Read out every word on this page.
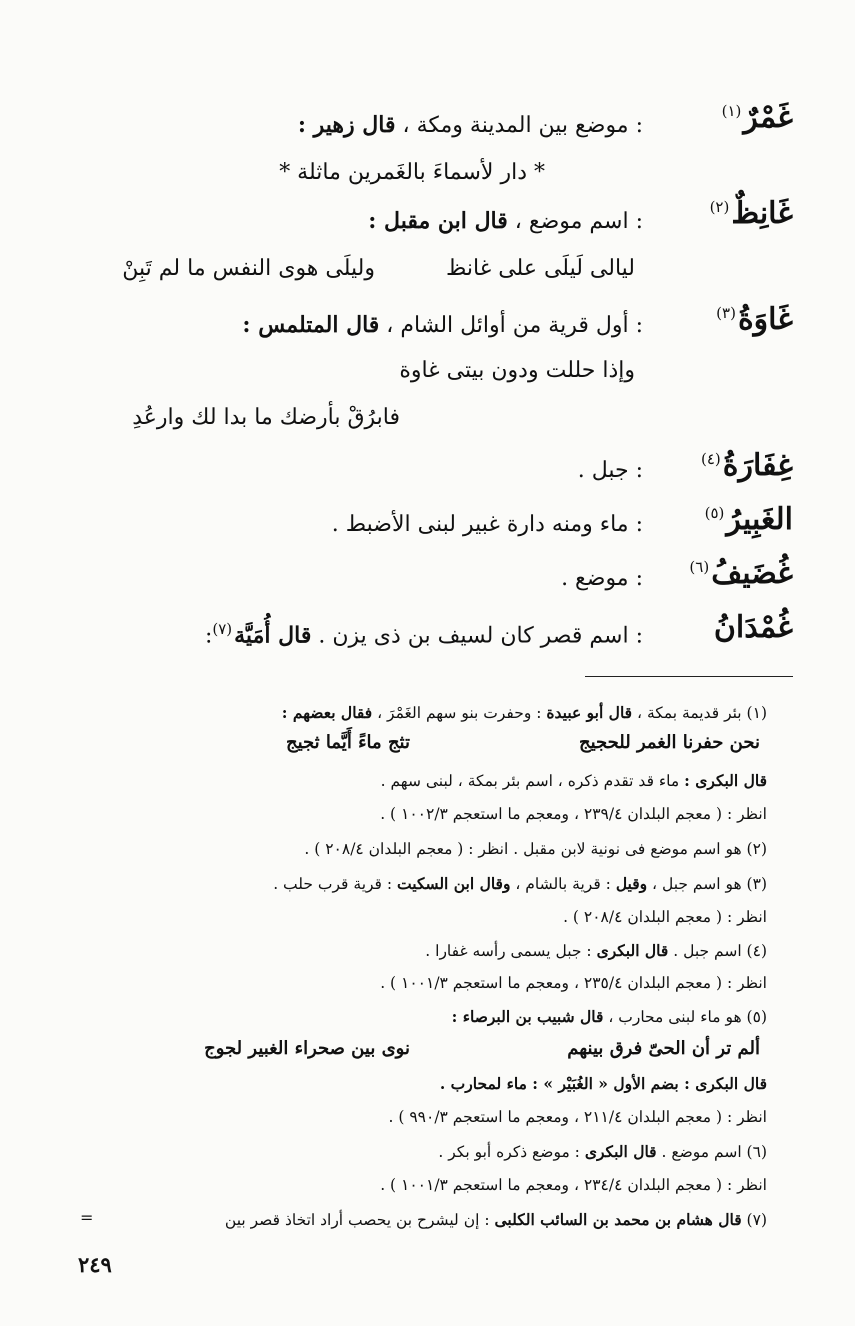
غَمْرٌ$^{(١)}$
: موضع بين المدينة ومكة ، قال زهير :
* دار لأسماءَ بالغَمرين ماثلة *
غَانِظٌ$^{(٢)}$
: اسم موضع ، قال ابن مقبل :
ليالى لَيلَى على غانظ
وليلَى هوى النفس ما لم تَبِنْ
غَاوَةُ$^{(٣)}$
: أول قرية من أوائل الشام ، قال المتلمس :
وإذا حللت ودون بيتى غاوة
فابرُقْ بأرضك ما بدا لك وارعُدِ
غِفَارَةُ$^{(٤)}$
: جبل .
الغَبِيرُ$^{(٥)}$
: ماء ومنه دارة غبير لبنى الأضبط .
غُضَيفُ$^{(٦)}$
: موضع .
غُمْدَانُ
: اسم قصر كان لسيف بن ذى يزن . قال أُمَيَّة$^{(٧)}$:
(١) بئر قديمة بمكة ، قال أبو عبيدة : وحفرت بنو سهم الغَمْرَ ، فقال بعضهم :
نحن حفرنا الغمر للحجيج
تثج ماءً أَيَّما ثجيج
قال البكرى : ماء قد تقدم ذكره ، اسم بئر بمكة ، لبنى سهم .
انظر : ( معجم البلدان ٢٣٩/٤ ، ومعجم ما استعجم ١٠٠٢/٣ ) .
(٢) هو اسم موضع فى نونية لابن مقبل . انظر : ( معجم البلدان ٢٠٨/٤ ) .
(٣) هو اسم جبل ، وقيل : قرية بالشام ، وقال ابن السكيت : قرية قرب حلب .
انظر : ( معجم البلدان ٢٠٨/٤ ) .
(٤) اسم جبل . قال البكرى : جبل يسمى رأسه غفارا .
انظر : ( معجم البلدان ٢٣٥/٤ ، ومعجم ما استعجم ١٠٠١/٣ ) .
(٥) هو ماء لبنى محارب ، قال شبيب بن البرصاء :
ألم تر أن الحىّ فرق بينهم
نوى بين صحراء الغبير لجوج
قال البكرى : بضم الأول « الغُبَيْر » : ماء لمحارب .
انظر : ( معجم البلدان ٢١١/٤ ، ومعجم ما استعجم ٩٩٠/٣ ) .
(٦) اسم موضع . قال البكرى : موضع ذكره أبو بكر .
انظر : ( معجم البلدان ٢٣٤/٤ ، ومعجم ما استعجم ١٠٠١/٣ ) .
(٧) قال هشام بن محمد بن السائب الكلبى : إن ليشرح بن يحصب أراد اتخاذ قصر بين
=
٢٤٩
